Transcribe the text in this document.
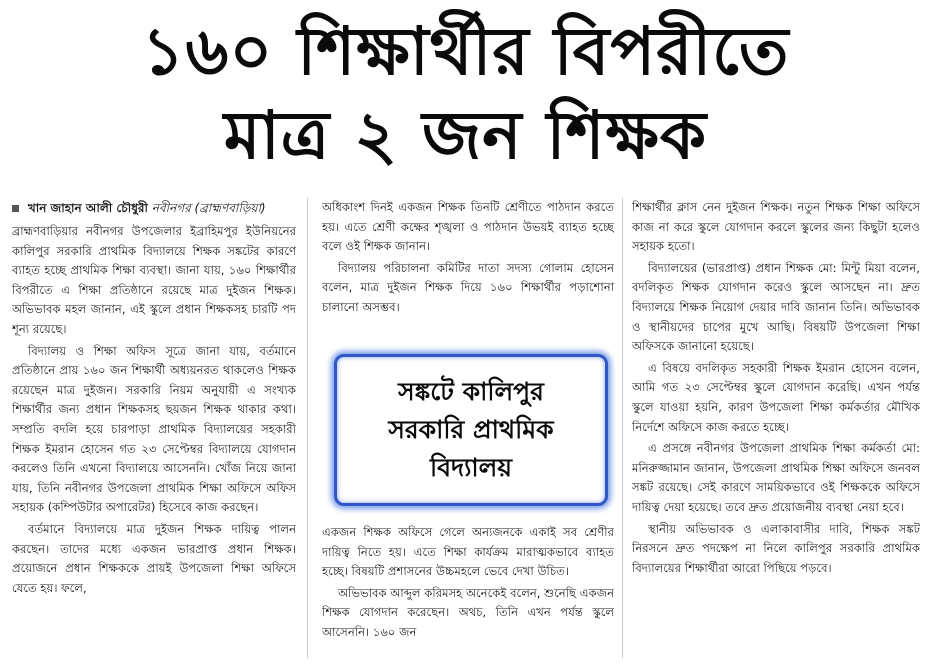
১৬০ শিক্ষার্থীর বিপরীতে
মাত্র ২ জন শিক্ষক
খান জাহান আলী চৌধুরী নবীনগর (ব্রাহ্মণবাড়িয়া)

ব্রাহ্মণবাড়িয়ার নবীনগর উপজেলার ইব্রাহিমপুর ইউনিয়নের কালিপুর সরকারি প্রাথমিক বিদ্যালয়ে শিক্ষক সঙ্কটের কারণে ব্যাহত হচ্ছে প্রাথমিক শিক্ষা ব্যবস্থা। জানা যায়, ১৬০ শিক্ষার্থীর বিপরীতে এ শিক্ষা প্রতিষ্ঠানে রয়েছে মাত্র দুইজন শিক্ষক। অভিভাবক মহল জানান, এই স্কুলে প্রধান শিক্ষকসহ চারটি পদ শূন্য রয়েছে।

বিদ্যালয় ও শিক্ষা অফিস সূত্রে জানা যায়, বর্তমানে প্রতিষ্ঠানে প্রায় ১৬০ জন শিক্ষার্থী অধ্যয়নরত থাকলেও শিক্ষক রয়েছেন মাত্র দুইজন। সরকারি নিয়ম অনুযায়ী এ সংখ্যক শিক্ষার্থীর জন্য প্রধান শিক্ষকসহ ছয়জন শিক্ষক থাকার কথা। সম্প্রতি বদলি হয়ে চারপাড়া প্রাথমিক বিদ্যালয়ের সহকারী শিক্ষক ইমরান হোসেন গত ২৩ সেপ্টেম্বর বিদ্যালয়ে যোগদান করলেও তিনি এখনো বিদ্যালয়ে আসেননি। খোঁজ নিয়ে জানা যায়, তিনি নবীনগর উপজেলা প্রাথমিক শিক্ষা অফিসে অফিস সহায়ক (কম্পিউটার অপারেটর) হিসেবে কাজ করছেন।

বর্তমানে বিদ্যালয়ে মাত্র দুইজন শিক্ষক দায়িত্ব পালন করছেন। তাদের মধ্যে একজন ভারপ্রাপ্ত প্রধান শিক্ষক। প্রয়োজনে প্রধান শিক্ষককে প্রায়ই উপজেলা শিক্ষা অফিসে যেতে হয়। ফলে,

অধিকাংশ দিনই একজন শিক্ষক তিনটি শ্রেণীতে পাঠদান করতে হয়। এতে শ্রেণী কক্ষের শৃঙ্খলা ও পাঠদান উভয়ই ব্যাহত হচ্ছে বলে ওই শিক্ষক জানান।

বিদ্যালয় পরিচালনা কমিটির দাতা সদস্য গোলাম হোসেন বলেন, মাত্র দুইজন শিক্ষক দিয়ে ১৬০ শিক্ষার্থীর পড়াশোনা চালানো অসম্ভব।

একজন শিক্ষক অফিসে গেলে অন্যজনকে একাই সব শ্রেণীর দায়িত্ব নিতে হয়। এতে শিক্ষা কার্যক্রম মারাত্মকভাবে ব্যাহত হচ্ছে। বিষয়টি প্রশাসনের উচ্চমহলে ভেবে দেখা উচিত।

অভিভাবক আব্দুল করিমসহ অনেকেই বলেন, শুনেছি একজন শিক্ষক যোগদান করেছেন। অথচ, তিনি এখন পর্যন্ত স্কুলে আসেননি। ১৬০ জন

সঙ্কটে কালিপুর
সরকারি প্রাথমিক
বিদ্যালয়

শিক্ষার্থীর ক্লাস নেন দুইজন শিক্ষক। নতুন শিক্ষক শিক্ষা অফিসে কাজ না করে স্কুলে যোগদান করলে স্কুলের জন্য কিছুটা হলেও সহায়ক হতো।

বিদ্যালয়ের (ভারপ্রাপ্ত) প্রধান শিক্ষক মো: মিন্টু মিয়া বলেন, বদলিকৃত শিক্ষক যোগদান করেও স্কুলে আসছেন না। দ্রুত বিদ্যালয়ে শিক্ষক নিয়োগ দেয়ার দাবি জানান তিনি। অভিভাবক ও স্থানীয়দের চাপের মুখে আছি। বিষয়টি উপজেলা শিক্ষা অফিসকে জানানো হয়েছে।

এ বিষয়ে বদলিকৃত সহকারী শিক্ষক ইমরান হোসেন বলেন, আমি গত ২৩ সেপ্টেম্বর স্কুলে যোগদান করেছি। এখন পর্যন্ত স্কুলে যাওয়া হয়নি, কারণ উপজেলা শিক্ষা কর্মকর্তার মৌখিক নির্দেশে অফিসে কাজ করতে হচ্ছে।

এ প্রসঙ্গে নবীনগর উপজেলা প্রাথমিক শিক্ষা কর্মকর্তা মো: মনিরুজ্জামান জানান, উপজেলা প্রাথমিক শিক্ষা অফিসে জনবল সঙ্কট রয়েছে। সেই কারণে সাময়িকভাবে ওই শিক্ষককে অফিসে দায়িত্ব দেয়া হয়েছে। তবে দ্রুত প্রয়োজনীয় ব্যবস্থা নেয়া হবে।

স্থানীয় অভিভাবক ও এলাকাবাসীর দাবি, শিক্ষক সঙ্কট নিরসনে দ্রুত পদক্ষেপ না নিলে কালিপুর সরকারি প্রাথমিক বিদ্যালয়ের শিক্ষার্থীরা আরো পিছিয়ে পড়বে।
